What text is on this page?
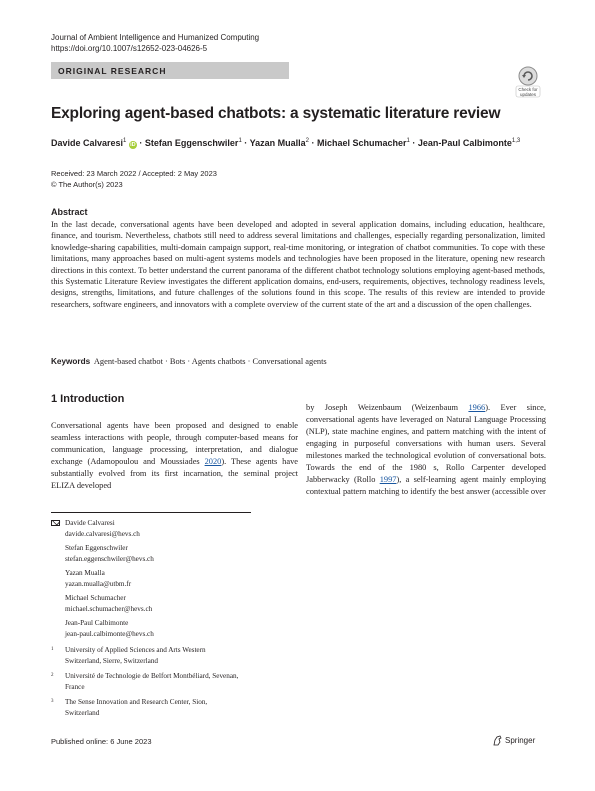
Journal of Ambient Intelligence and Humanized Computing
https://doi.org/10.1007/s12652-023-04626-5
ORIGINAL RESEARCH
Check for updates
Exploring agent-based chatbots: a systematic literature review
Davide Calvaresi$^1$ iD · Stefan Eggenschwiler$^1$ · Yazan Mualla$^2$ · Michael Schumacher$^1$ · Jean-Paul Calbimonte$^{1,3}$
Received: 23 March 2022 / Accepted: 2 May 2023
© The Author(s) 2023
Abstract
In the last decade, conversational agents have been developed and adopted in several application domains, including education, healthcare, finance, and tourism. Nevertheless, chatbots still need to address several limitations and challenges, especially regarding personalization, limited knowledge-sharing capabilities, multi-domain campaign support, real-time monitoring, or integration of chatbot communities. To cope with these limitations, many approaches based on multi-agent systems models and technologies have been proposed in the literature, opening new research directions in this context. To better understand the current panorama of the different chatbot technology solutions employing agent-based methods, this Systematic Literature Review investigates the different application domains, end-users, requirements, objectives, technology readiness levels, designs, strengths, limitations, and future challenges of the solutions found in this scope. The results of this review are intended to provide researchers, software engineers, and innovators with a complete overview of the current state of the art and a discussion of the open challenges.
Keywords Agent-based chatbot · Bots · Agents chatbots · Conversational agents
1 Introduction
Conversational agents have been proposed and designed to enable seamless interactions with people, through computer-based means for communication, language processing, interpretation, and dialogue exchange (Adamopoulou and Moussiades 2020). These agents have substantially evolved from its first incarnation, the seminal project ELIZA developed
by Joseph Weizenbaum (Weizenbaum 1966). Ever since, conversational agents have leveraged on Natural Language Processing (NLP), state machine engines, and pattern matching with the intent of engaging in purposeful conversations with human users. Several milestones marked the technological evolution of conversational bots. Towards the end of the 1980 s, Rollo Carpenter developed Jabberwacky (Rollo 1997), a self-learning agent mainly employing contextual pattern matching to identify the best answer (accessible over
Davide Calvaresi
davide.calvaresi@hevs.ch
Stefan Eggenschwiler
stefan.eggenschwiler@hevs.ch
Yazan Mualla
yazan.mualla@utbm.fr
Michael Schumacher
michael.schumacher@hevs.ch
Jean-Paul Calbimonte
jean-paul.calbimonte@hevs.ch
1 University of Applied Sciences and Arts Western
Switzerland, Sierre, Switzerland
2 Université de Technologie de Belfort Montbéliard, Sevenan,
France
3 The Sense Innovation and Research Center, Sion,
Switzerland
Published online: 6 June 2023	Springer
